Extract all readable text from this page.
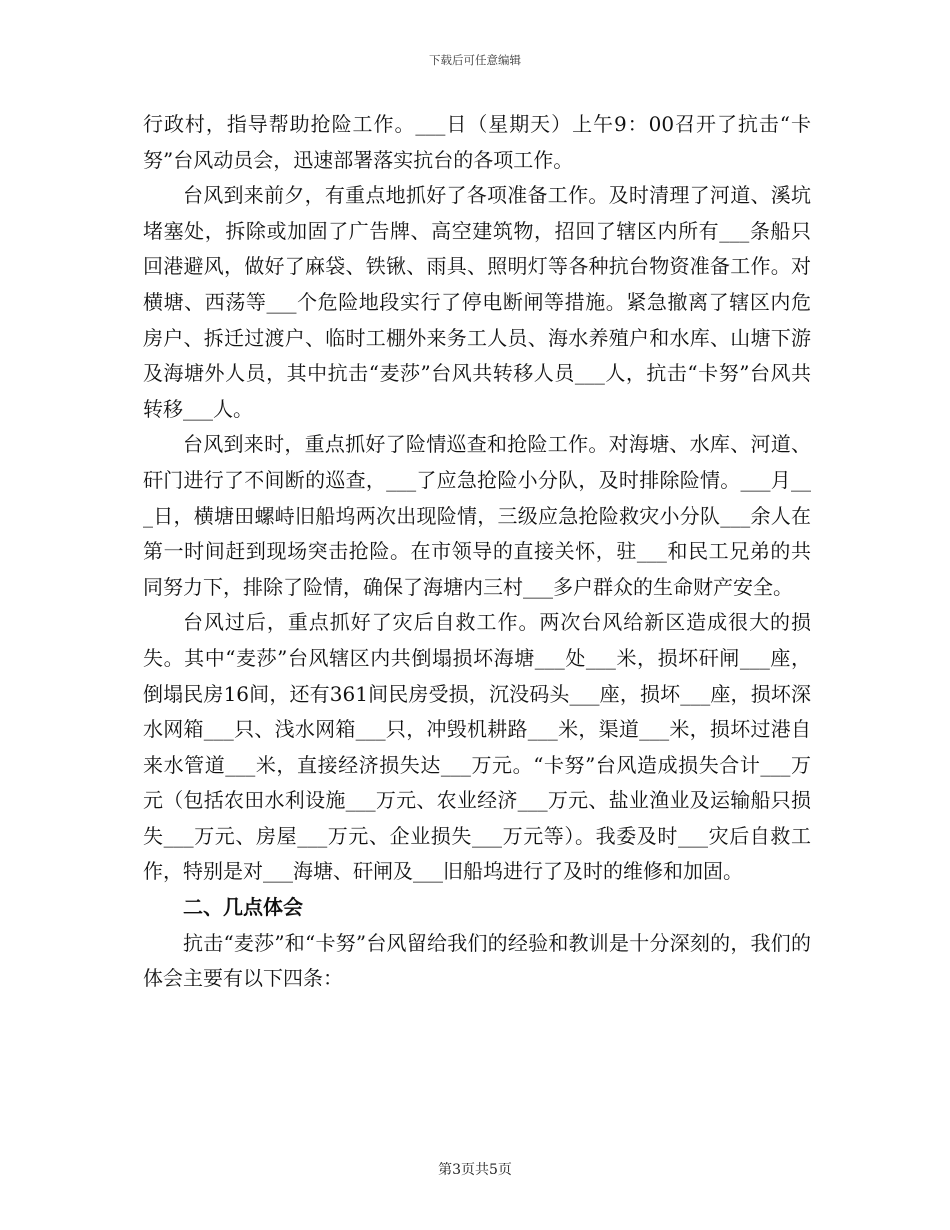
下载后可任意编辑

行政村，指导帮助抢险工作。___日（星期天）上午9：00召开了抗击“卡努”台风动员会，迅速部署落实抗台的各项工作。

台风到来前夕，有重点地抓好了各项准备工作。及时清理了河道、溪坑堵塞处，拆除或加固了广告牌、高空建筑物，招回了辖区内所有___条船只回港避风，做好了麻袋、铁锹、雨具、照明灯等各种抗台物资准备工作。对横塘、西荡等___个危险地段实行了停电断闸等措施。紧急撤离了辖区内危房户、拆迁过渡户、临时工棚外来务工人员、海水养殖户和水库、山塘下游及海塘外人员，其中抗击“麦莎”台风共转移人员___人，抗击“卡努”台风共转移___人。

台风到来时，重点抓好了险情巡查和抢险工作。对海塘、水库、河道、矸门进行了不间断的巡查，___了应急抢险小分队，及时排除险情。___月___日，横塘田螺峙旧船坞两次出现险情，三级应急抢险救灾小分队___余人在第一时间赶到现场突击抢险。在市领导的直接关怀，驻___和民工兄弟的共同努力下，排除了险情，确保了海塘内三村___多户群众的生命财产安全。

台风过后，重点抓好了灾后自救工作。两次台风给新区造成很大的损失。其中“麦莎”台风辖区内共倒塌损坏海塘___处___米，损坏矸闸___座，倒塌民房16间，还有361间民房受损，沉没码头___座，损坏___座，损坏深水网箱___只、浅水网箱___只，冲毁机耕路___米，渠道___米，损坏过港自来水管道___米，直接经济损失达___万元。“卡努”台风造成损失合计___万元（包括农田水利设施___万元、农业经济___万元、盐业渔业及运输船只损失___万元、房屋___万元、企业损失___万元等）。我委及时___灾后自救工作，特别是对___海塘、矸闸及___旧船坞进行了及时的维修和加固。

二、几点体会

抗击“麦莎”和“卡努”台风留给我们的经验和教训是十分深刻的，我们的体会主要有以下四条：

第3页共5页
